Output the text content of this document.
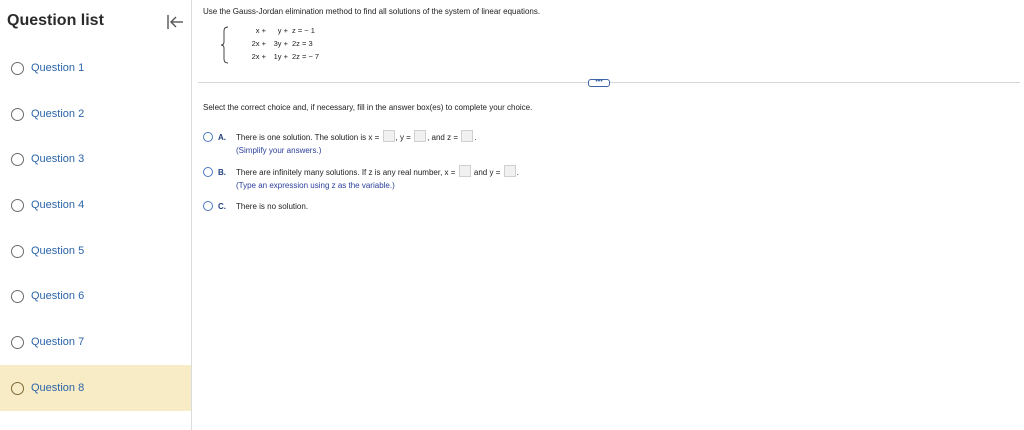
Question list
Question 1
Question 2
Question 3
Question 4
Question 5
Question 6
Question 7
Question 8
Use the Gauss-Jordan elimination method to find all solutions of the system of linear equations.
x + y + z = − 1
2x + 3y + 2z = 3
2x + 1y + 2z = − 7
•••
Select the correct choice and, if necessary, fill in the answer box(es) to complete your choice.
A.	There is one solution. The solution is x = , y = , and z = .
(Simplify your answers.)
B.	There are infinitely many solutions. If z is any real number, x = and y = .
(Type an expression using z as the variable.)
C.	There is no solution.
